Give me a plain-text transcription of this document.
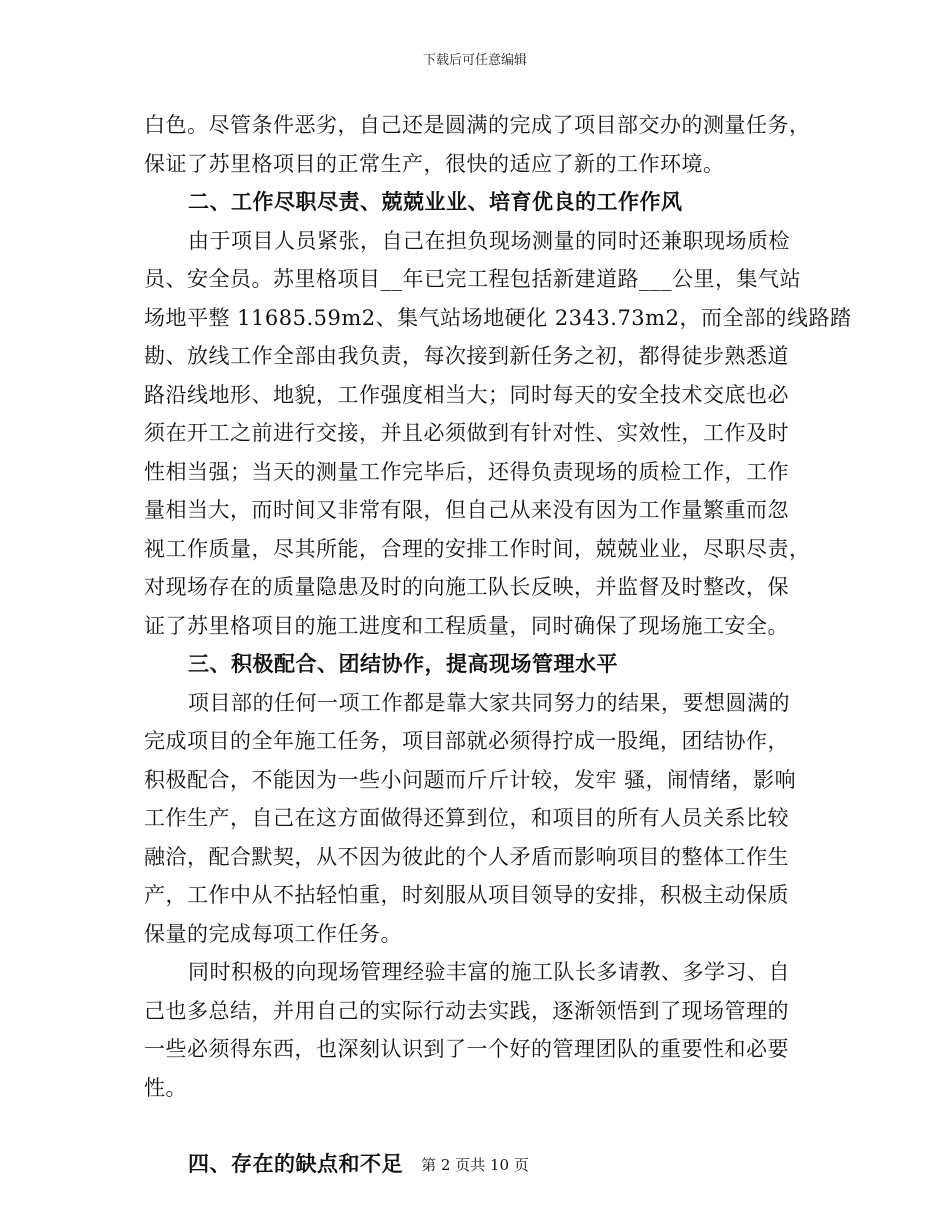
下载后可任意编辑
白色。尽管条件恶劣，自己还是圆满的完成了项目部交办的测量任务，
保证了苏里格项目的正常生产，很快的适应了新的工作环境。
二、工作尽职尽责、兢兢业业、培育优良的工作作风
由于项目人员紧张，自己在担负现场测量的同时还兼职现场质检
员、安全员。苏里格项目__年已完工程包括新建道路___公里，集气站
场地平整 11685.59m2、集气站场地硬化 2343.73m2，而全部的线路踏
勘、放线工作全部由我负责，每次接到新任务之初，都得徒步熟悉道
路沿线地形、地貌，工作强度相当大；同时每天的安全技术交底也必
须在开工之前进行交接，并且必须做到有针对性、实效性，工作及时
性相当强；当天的测量工作完毕后，还得负责现场的质检工作，工作
量相当大，而时间又非常有限，但自己从来没有因为工作量繁重而忽
视工作质量，尽其所能，合理的安排工作时间，兢兢业业，尽职尽责，
对现场存在的质量隐患及时的向施工队长反映，并监督及时整改，保
证了苏里格项目的施工进度和工程质量，同时确保了现场施工安全。
三、积极配合、团结协作，提高现场管理水平
项目部的任何一项工作都是靠大家共同努力的结果，要想圆满的
完成项目的全年施工任务，项目部就必须得拧成一股绳，团结协作，
积极配合，不能因为一些小问题而斤斤计较，发牢 骚，闹情绪，影响
工作生产，自己在这方面做得还算到位，和项目的所有人员关系比较
融洽，配合默契，从不因为彼此的个人矛盾而影响项目的整体工作生
产，工作中从不拈轻怕重，时刻服从项目领导的安排，积极主动保质
保量的完成每项工作任务。
同时积极的向现场管理经验丰富的施工队长多请教、多学习、自
己也多总结，并用自己的实际行动去实践，逐渐领悟到了现场管理的
一些必须得东西，也深刻认识到了一个好的管理团队的重要性和必要
性。
四、存在的缺点和不足	第 2 页共 10 页
